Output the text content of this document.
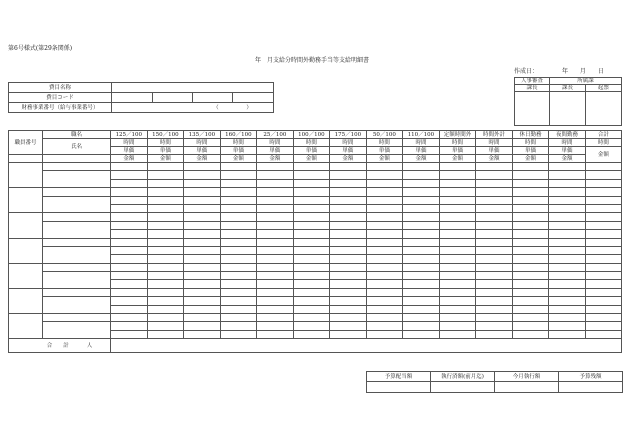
第6号様式(第29条関係)
年　月支給分時間外勤務手当等支給明細書
作成日：	年 月 日
人事審査	所属課	
課長	課長	起票

費目名称				
費目コード				
財務事業番号（給与事業番号）	（ ）			
職員番号	職名	125／100	150／100	135／100	160／100	25／100	100／100	175／100	50／100	110／100	定額時間外	時間外計	休日勤務	夜間勤務	合計
	氏名	時間	時間	時間	時間	時間	時間	時間	時間	時間	時間	時間	時間	時間	時間
		単価	単価	単価	単価	単価	単価	単価	単価	単価	単価	単価	単価	単価	金額
		金額	金額	金額	金額	金額	金額	金額	金額	金額	金額	金額	金額	金額	

合　　計 人															
予算配当額	執行済額(前月迄)	今月執行額	予算残額
